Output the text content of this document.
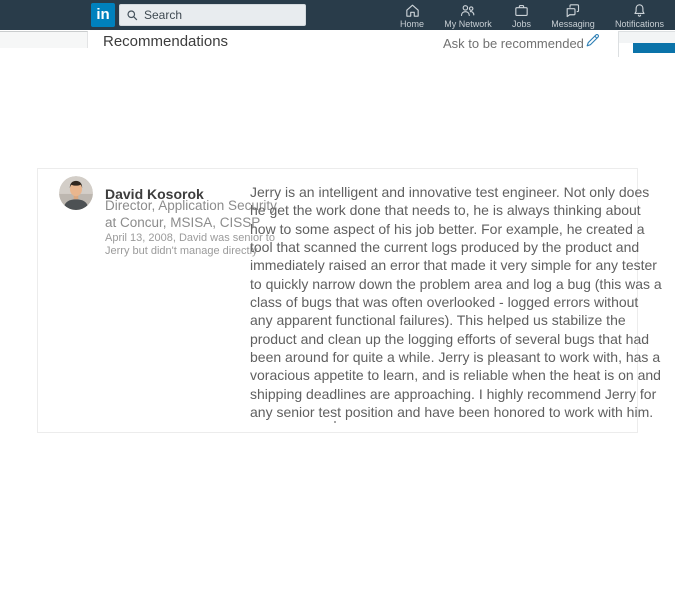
in
Search
Home My Network Jobs Messaging Notifications
Recommendations	Ask to be recommended
David Kosorok
Director, Application Security
at Concur, MSISA, CISSP
April 13, 2008, David was senior to
Jerry but didn't manage directly
Jerry is an intelligent and innovative test engineer. Not only does
he get the work done that needs to, he is always thinking about
how to some aspect of his job better. For example, he created a
tool that scanned the current logs produced by the product and
immediately raised an error that made it very simple for any tester
to quickly narrow down the problem area and log a bug (this was a
class of bugs that was often overlooked - logged errors without
any apparent functional failures). This helped us stabilize the
product and clean up the logging efforts of several bugs that had
been around for quite a while. Jerry is pleasant to work with, has a
voracious appetite to learn, and is reliable when the heat is on and
shipping deadlines are approaching. I highly recommend Jerry for
any senior test position and have been honored to work with him.
